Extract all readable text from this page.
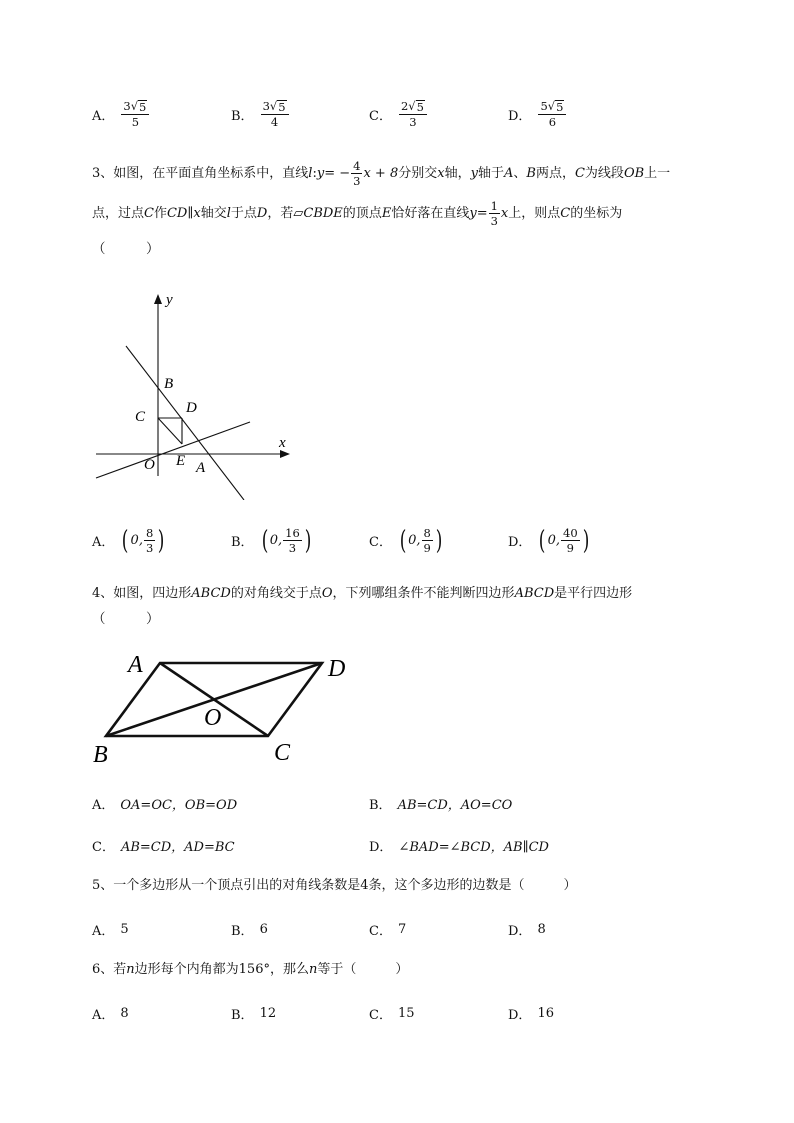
A． $\frac{3√ 5}{5}$	B． $\frac{3√ 5}{4}$	C． $\frac{2√ 5}{3}$	D． $\frac{5√ 5}{6}$
3、 如图，在平面直角坐标系中，直线 l : y = − $\frac{4}{3}$ x + 8 分别交 x 轴， y 轴于 A 、 B 两点， C 为线段 OB 上一
点，过点 C 作 CD ∥ x 轴交 l 于点 D ，若 ▱ CBDE 的顶点 E 恰好落在直线 $y = \frac{1}{3}$ x 上，则点 C 的坐标为
（　　　）
y
x
B
C
D
O E A
A． ( 0, $\frac{8}{3}$ )	B． ( 0, $\frac{16}{3}$ )	C． ( 0, $\frac{8}{9}$ )	D． ( 0, $\frac{40}{9}$ )
4、如图，四边形ABCD的对角线交于点O，下列哪组条件不能判断四边形ABCD是平行四边形
（　　　）
A	D
B	C
O
A． OA=OC，OB=OD	B． AB=CD，AO=CO
C． AB=CD，AD=BC	D． ∠BAD=∠BCD，AB∥CD
5、一个多边形从一个顶点引出的对角线条数是4条，这个多边形的边数是（　　　）
A． 5	B． 6	C． 7	D． 8
6、若n边形每个内角都为156°，那么n等于（　　　）
A． 8	B． 12	C． 15	D． 16
